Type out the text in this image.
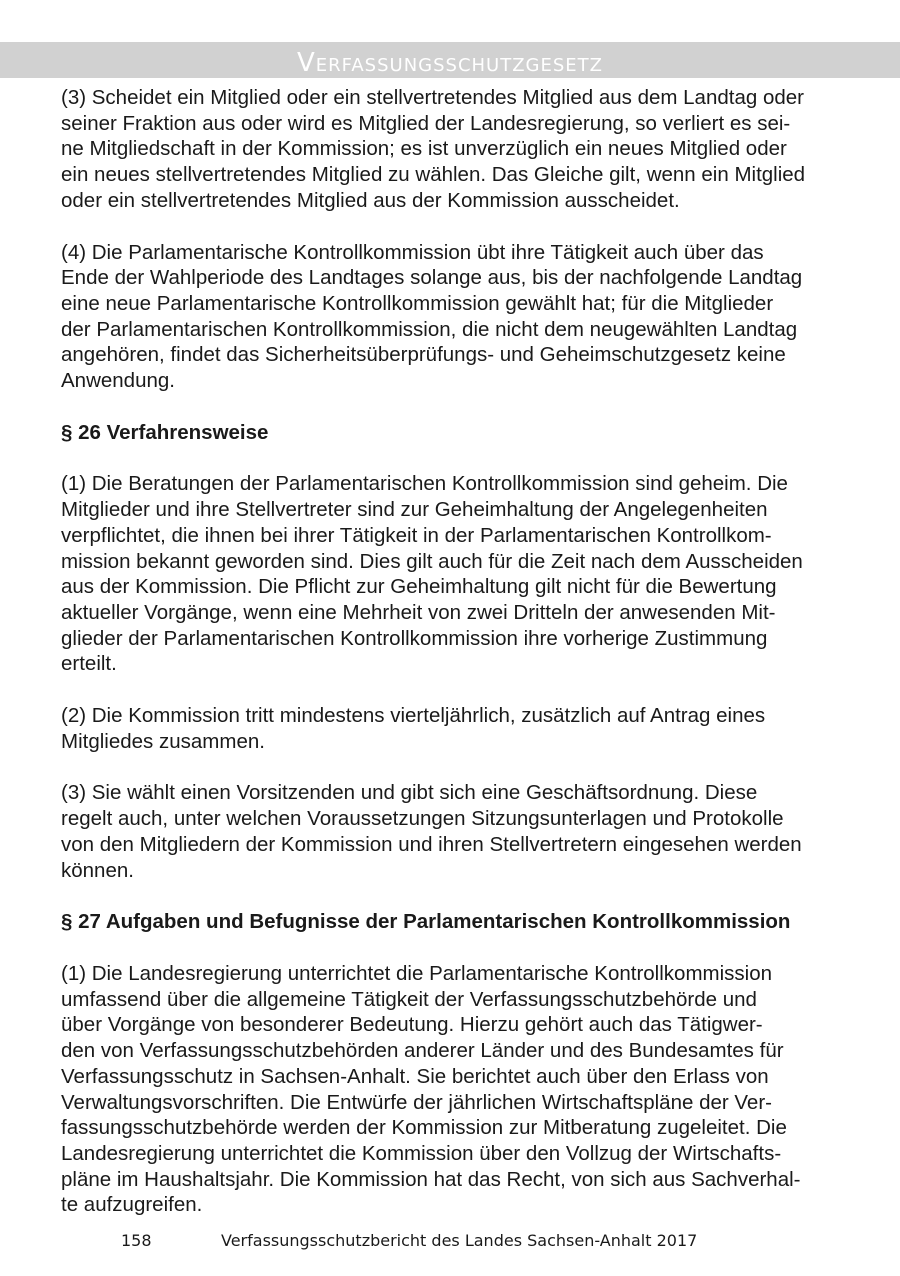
Verfassungsschutzgesetz
(3) Scheidet ein Mitglied oder ein stellvertretendes Mitglied aus dem Landtag oder
seiner Fraktion aus oder wird es Mitglied der Landesregierung, so verliert es sei-
ne Mitgliedschaft in der Kommission; es ist unverzüglich ein neues Mitglied oder
ein neues stellvertretendes Mitglied zu wählen. Das Gleiche gilt, wenn ein Mitglied
oder ein stellvertretendes Mitglied aus der Kommission ausscheidet.
(4) Die Parlamentarische Kontrollkommission übt ihre Tätigkeit auch über das
Ende der Wahlperiode des Landtages solange aus, bis der nachfolgende Landtag
eine neue Parlamentarische Kontrollkommission gewählt hat; für die Mitglieder
der Parlamentarischen Kontrollkommission, die nicht dem neugewählten Landtag
angehören, findet das Sicherheitsüberprüfungs- und Geheimschutzgesetz keine
Anwendung.
§ 26 Verfahrensweise
(1) Die Beratungen der Parlamentarischen Kontrollkommission sind geheim. Die
Mitglieder und ihre Stellvertreter sind zur Geheimhaltung der Angelegenheiten
verpflichtet, die ihnen bei ihrer Tätigkeit in der Parlamentarischen Kontrollkom-
mission bekannt geworden sind. Dies gilt auch für die Zeit nach dem Ausscheiden
aus der Kommission. Die Pflicht zur Geheimhaltung gilt nicht für die Bewertung
aktueller Vorgänge, wenn eine Mehrheit von zwei Dritteln der anwesenden Mit-
glieder der Parlamentarischen Kontrollkommission ihre vorherige Zustimmung
erteilt.
(2) Die Kommission tritt mindestens vierteljährlich, zusätzlich auf Antrag eines
Mitgliedes zusammen.
(3) Sie wählt einen Vorsitzenden und gibt sich eine Geschäftsordnung. Diese
regelt auch, unter welchen Voraussetzungen Sitzungsunterlagen und Protokolle
von den Mitgliedern der Kommission und ihren Stellvertretern eingesehen werden
können.
§ 27 Aufgaben und Befugnisse der Parlamentarischen Kontrollkommission
(1) Die Landesregierung unterrichtet die Parlamentarische Kontrollkommission
umfassend über die allgemeine Tätigkeit der Verfassungsschutzbehörde und
über Vorgänge von besonderer Bedeutung. Hierzu gehört auch das Tätigwer-
den von Verfassungsschutzbehörden anderer Länder und des Bundesamtes für
Verfassungsschutz in Sachsen-Anhalt. Sie berichtet auch über den Erlass von
Verwaltungsvorschriften. Die Entwürfe der jährlichen Wirtschaftspläne der Ver-
fassungsschutzbehörde werden der Kommission zur Mitberatung zugeleitet. Die
Landesregierung unterrichtet die Kommission über den Vollzug der Wirtschafts-
pläne im Haushaltsjahr. Die Kommission hat das Recht, von sich aus Sachverhal-
te aufzugreifen.
158	Verfassungsschutzbericht des Landes Sachsen-Anhalt 2017
